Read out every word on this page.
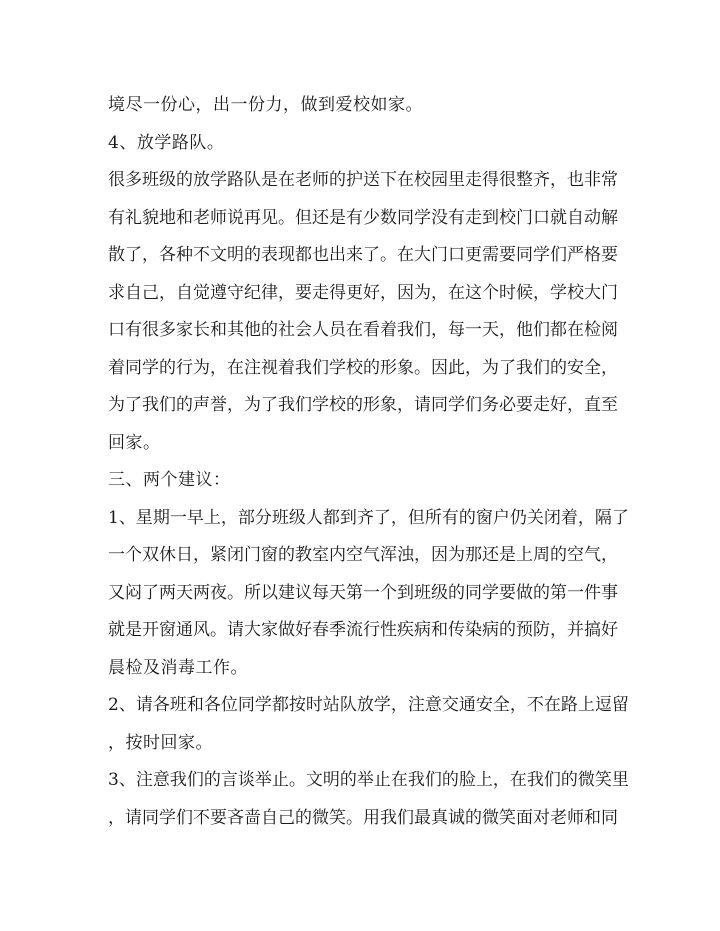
境尽一份心，出一份力，做到爱校如家。

4、放学路队。

很多班级的放学路队是在老师的护送下在校园里走得很整齐，也非常

有礼貌地和老师说再见。但还是有少数同学没有走到校门口就自动解

散了，各种不文明的表现都也出来了。在大门口更需要同学们严格要

求自己，自觉遵守纪律，要走得更好，因为，在这个时候，学校大门

口有很多家长和其他的社会人员在看着我们，每一天，他们都在检阅

着同学的行为，在注视着我们学校的形象。因此，为了我们的安全，

为了我们的声誉，为了我们学校的形象，请同学们务必要走好，直至

回家。

三、两个建议：

1、星期一早上，部分班级人都到齐了，但所有的窗户仍关闭着，隔了

一个双休日，紧闭门窗的教室内空气浑浊，因为那还是上周的空气，

又闷了两天两夜。所以建议每天第一个到班级的同学要做的第一件事

就是开窗通风。请大家做好春季流行性疾病和传染病的预防，并搞好

晨检及消毒工作。

2、请各班和各位同学都按时站队放学，注意交通安全，不在路上逗留

，按时回家。

3、注意我们的言谈举止。文明的举止在我们的脸上，在我们的微笑里

，请同学们不要吝啬自己的微笑。用我们最真诚的微笑面对老师和同
